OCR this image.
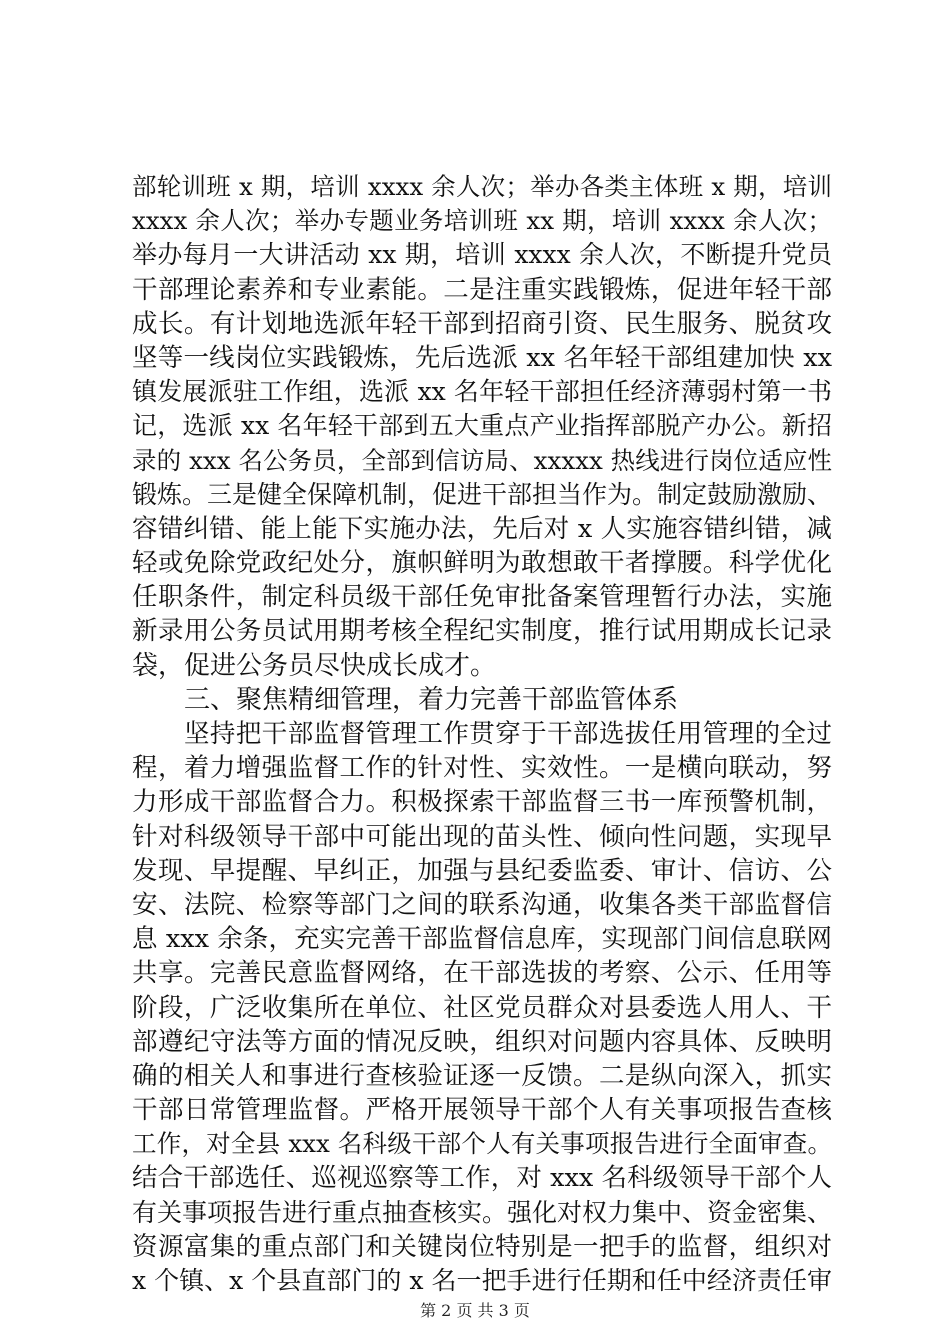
部轮训班 x 期，培训 xxxx 余人次；举办各类主体班 x 期，培训
xxxx 余人次；举办专题业务培训班 xx 期，培训 xxxx 余人次；
举办每月一大讲活动 xx 期，培训 xxxx 余人次，不断提升党员
干部理论素养和专业素能。二是注重实践锻炼，促进年轻干部
成长。有计划地选派年轻干部到招商引资、民生服务、脱贫攻
坚等一线岗位实践锻炼，先后选派 xx 名年轻干部组建加快 xx
镇发展派驻工作组，选派 xx 名年轻干部担任经济薄弱村第一书
记，选派 xx 名年轻干部到五大重点产业指挥部脱产办公。新招
录的 xxx 名公务员，全部到信访局、xxxxx 热线进行岗位适应性
锻炼。三是健全保障机制，促进干部担当作为。制定鼓励激励、
容错纠错、能上能下实施办法，先后对 x 人实施容错纠错，减
轻或免除党政纪处分，旗帜鲜明为敢想敢干者撑腰。科学优化
任职条件，制定科员级干部任免审批备案管理暂行办法，实施
新录用公务员试用期考核全程纪实制度，推行试用期成长记录
袋，促进公务员尽快成长成才。
三、聚焦精细管理，着力完善干部监管体系
坚持把干部监督管理工作贯穿于干部选拔任用管理的全过
程，着力增强监督工作的针对性、实效性。一是横向联动，努
力形成干部监督合力。积极探索干部监督三书一库预警机制，
针对科级领导干部中可能出现的苗头性、倾向性问题，实现早
发现、早提醒、早纠正，加强与县纪委监委、审计、信访、公
安、法院、检察等部门之间的联系沟通，收集各类干部监督信
息 xxx 余条，充实完善干部监督信息库，实现部门间信息联网
共享。完善民意监督网络，在干部选拔的考察、公示、任用等
阶段，广泛收集所在单位、社区党员群众对县委选人用人、干
部遵纪守法等方面的情况反映，组织对问题内容具体、反映明
确的相关人和事进行查核验证逐一反馈。二是纵向深入，抓实
干部日常管理监督。严格开展领导干部个人有关事项报告查核
工作，对全县 xxx 名科级干部个人有关事项报告进行全面审查。
结合干部选任、巡视巡察等工作，对 xxx 名科级领导干部个人
有关事项报告进行重点抽查核实。强化对权力集中、资金密集、
资源富集的重点部门和关键岗位特别是一把手的监督，组织对
x 个镇、x 个县直部门的 x 名一把手进行任期和任中经济责任审
第 2 页 共 3 页
